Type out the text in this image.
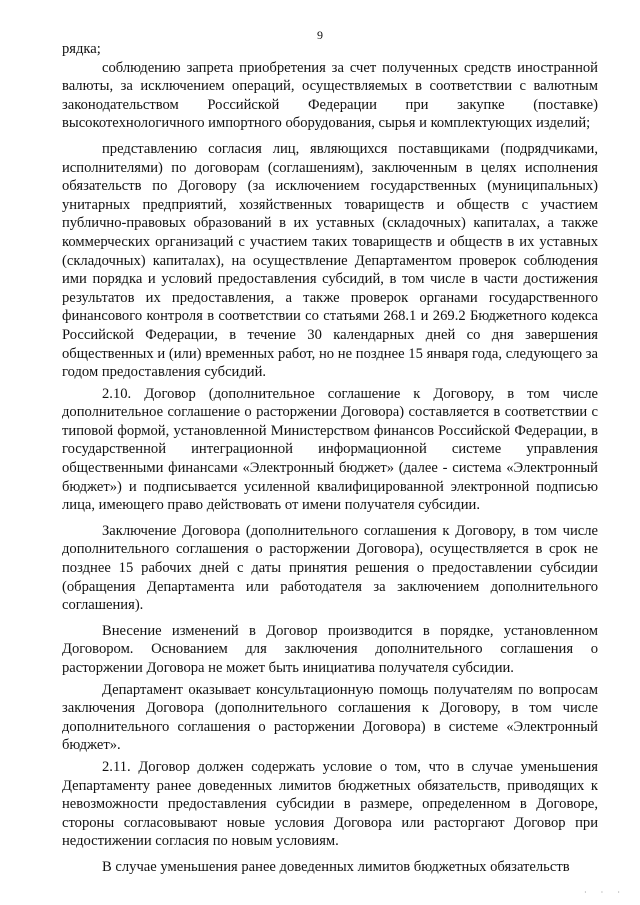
9

рядка;

соблюдению запрета приобретения за счет полученных средств иностранной валюты, за исключением операций, осуществляемых в соответствии с валютным законодательством Российской Федерации при закупке (поставке) высокотехнологичного импортного оборудования, сырья и комплектующих изделий;

представлению согласия лиц, являющихся поставщиками (подрядчиками, исполнителями) по договорам (соглашениям), заключенным в целях исполнения обязательств по Договору (за исключением государственных (муниципальных) унитарных предприятий, хозяйственных товариществ и обществ с участием публично-правовых образований в их уставных (складочных) капиталах, а также коммерческих организаций с участием таких товариществ и обществ в их уставных (складочных) капиталах), на осуществление Департаментом проверок соблюдения ими порядка и условий предоставления субсидий, в том числе в части достижения результатов их предоставления, а также проверок органами государственного финансового контроля в соответствии со статьями 268.1 и 269.2 Бюджетного кодекса Российской Федерации, в течение 30 календарных дней со дня завершения общественных и (или) временных работ, но не позднее 15 января года, следующего за годом предоставления субсидий.

2.10. Договор (дополнительное соглашение к Договору, в том числе дополнительное соглашение о расторжении Договора) составляется в соответствии с типовой формой, установленной Министерством финансов Российской Федерации, в государственной интеграционной информационной системе управления общественными финансами «Электронный бюджет» (далее - система «Электронный бюджет») и подписывается усиленной квалифицированной электронной подписью лица, имеющего право действовать от имени получателя субсидии.

Заключение Договора (дополнительного соглашения к Договору, в том числе дополнительного соглашения о расторжении Договора), осуществляется в срок не позднее 15 рабочих дней с даты принятия решения о предоставлении субсидии (обращения Департамента или работодателя за заключением дополнительного соглашения).

Внесение изменений в Договор производится в порядке, установленном Договором. Основанием для заключения дополнительного соглашения о расторжении Договора не может быть инициатива получателя субсидии.

Департамент оказывает консультационную помощь получателям по вопросам заключения Договора (дополнительного соглашения к Договору, в том числе дополнительного соглашения о расторжении Договора) в системе «Электронный бюджет».

2.11. Договор должен содержать условие о том, что в случае уменьшения Департаменту ранее доведенных лимитов бюджетных обязательств, приводящих к невозможности предоставления субсидии в размере, определенном в Договоре, стороны согласовывают новые условия Договора или расторгают Договор при недостижении согласия по новым условиям.

В случае уменьшения ранее доведенных лимитов бюджетных обязательств

· · ·
